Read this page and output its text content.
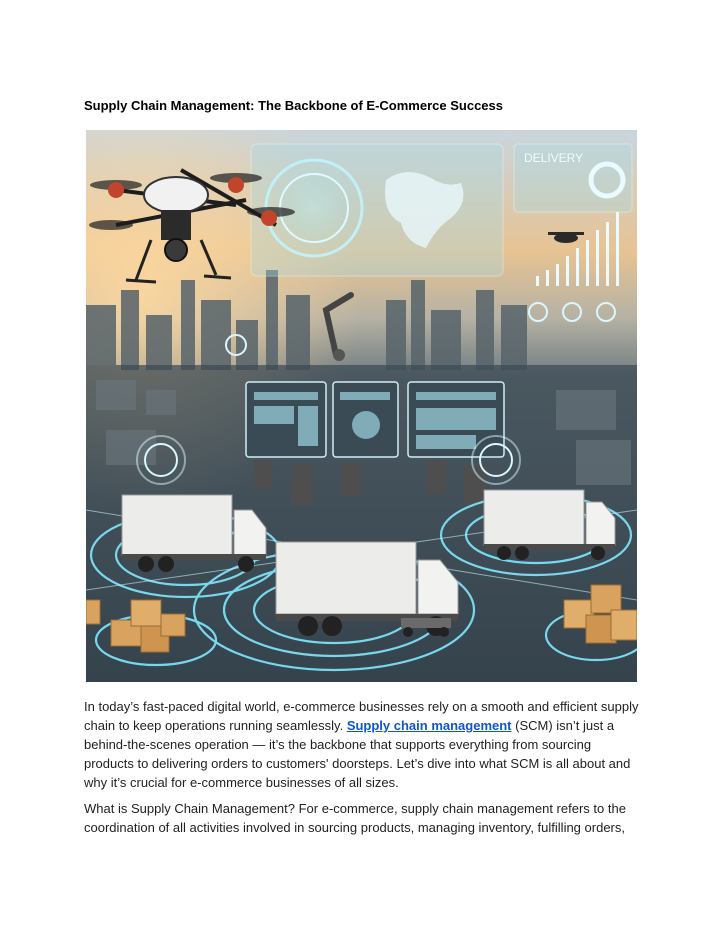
Supply Chain Management: The Backbone of E-Commerce Success
DELIVERY

In today’s fast-paced digital world, e-commerce businesses rely on a smooth and efficient supply chain to keep operations running seamlessly. Supply chain management (SCM) isn’t just a behind-the-scenes operation — it’s the backbone that supports everything from sourcing products to delivering orders to customers' doorsteps. Let’s dive into what SCM is all about and why it’s crucial for e-commerce businesses of all sizes.

What is Supply Chain Management? For e-commerce, supply chain management refers to the coordination of all activities involved in sourcing products, managing inventory, fulfilling orders,
